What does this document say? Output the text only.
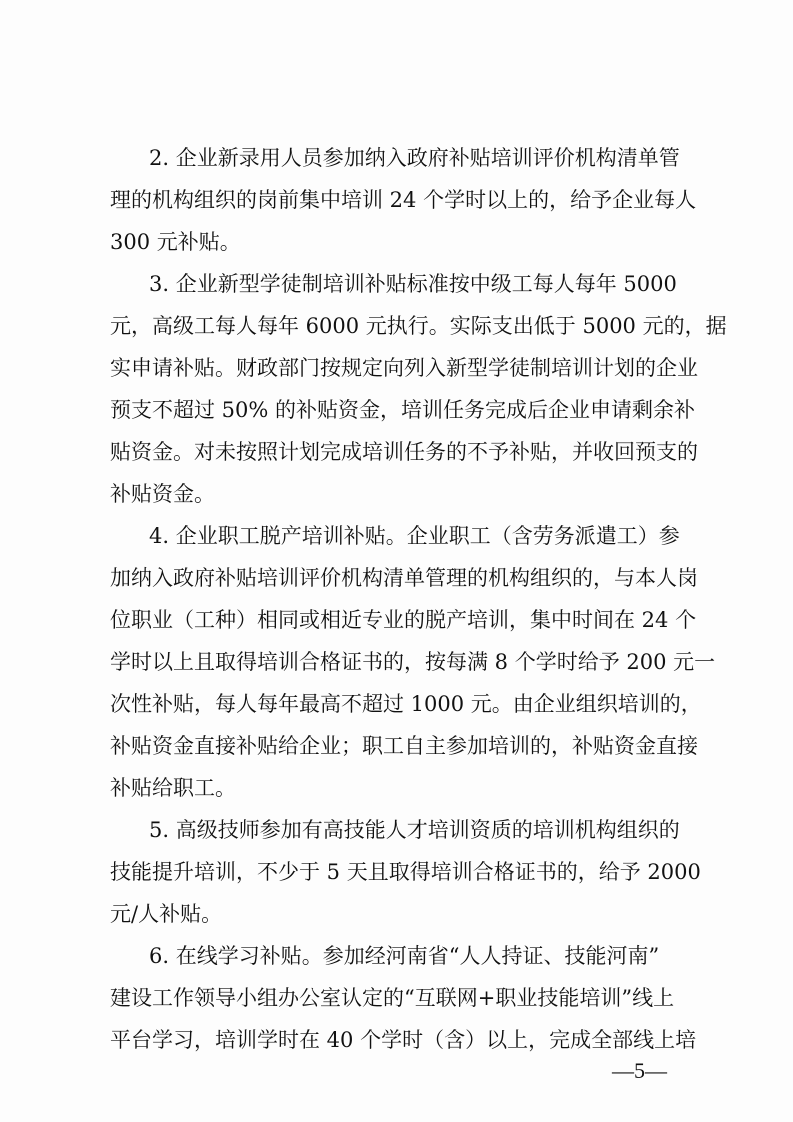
2. 企业新录用人员参加纳入政府补贴培训评价机构清单管
理的机构组织的岗前集中培训 24 个学时以上的，给予企业每人
300 元补贴。
3. 企业新型学徒制培训补贴标准按中级工每人每年 5000
元，高级工每人每年 6000 元执行。实际支出低于 5000 元的，据
实申请补贴。财政部门按规定向列入新型学徒制培训计划的企业
预支不超过 50% 的补贴资金，培训任务完成后企业申请剩余补
贴资金。对未按照计划完成培训任务的不予补贴，并收回预支的
补贴资金。
4. 企业职工脱产培训补贴。企业职工（含劳务派遣工）参
加纳入政府补贴培训评价机构清单管理的机构组织的，与本人岗
位职业（工种）相同或相近专业的脱产培训，集中时间在 24 个
学时以上且取得培训合格证书的，按每满 8 个学时给予 200 元一
次性补贴，每人每年最高不超过 1000 元。由企业组织培训的，
补贴资金直接补贴给企业；职工自主参加培训的，补贴资金直接
补贴给职工。
5. 高级技师参加有高技能人才培训资质的培训机构组织的
技能提升培训，不少于 5 天且取得培训合格证书的，给予 2000
元/人补贴。
6. 在线学习补贴。参加经河南省“人人持证、技能河南”
建设工作领导小组办公室认定的“互联网+职业技能培训”线上
平台学习，培训学时在 40 个学时（含）以上，完成全部线上培
—5—
